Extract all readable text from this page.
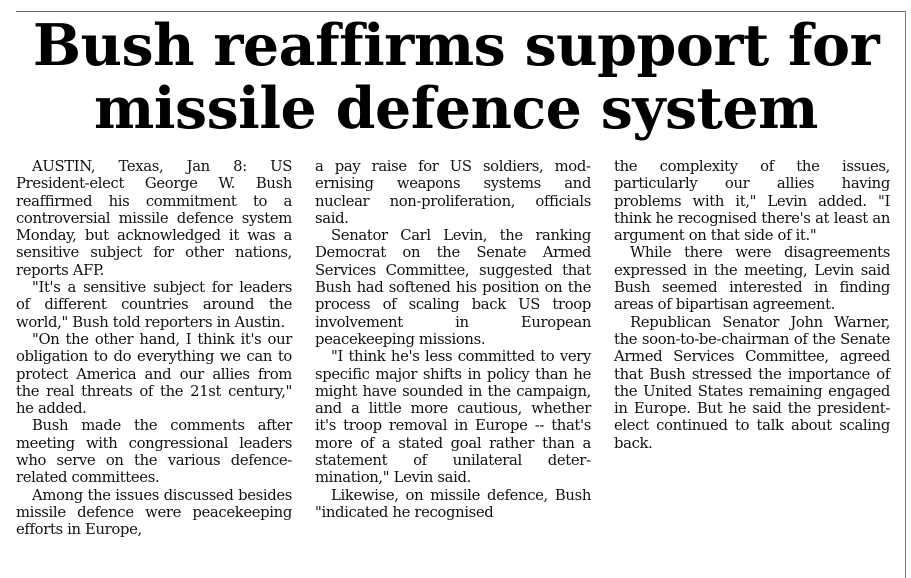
Bush reaffirms support for missile defence system

AUSTIN, Texas, Jan 8: US President-elect George W. Bush reaffirmed his commitment to a controversial missile defence system Monday, but acknowledged it was a sensitive subject for other nations, reports AFP.

"It's a sensitive subject for leaders of different countries around the world," Bush told reporters in Austin.

"On the other hand, I think it's our obligation to do everything we can to protect America and our allies from the real threats of the 21st century," he added.

Bush made the comments after meeting with congressional leaders who serve on the various defence-related committees.

Among the issues discussed besides missile defence were peacekeeping efforts in Europe,

a pay raise for US soldiers, modernising weapons systems and nuclear non-proliferation, officials said.

Senator Carl Levin, the ranking Democrat on the Senate Armed Services Committee, suggested that Bush had softened his position on the process of scaling back US troop involvement in European peacekeeping missions.

"I think he's less committed to very specific major shifts in policy than he might have sounded in the campaign, and a little more cautious, whether it's troop removal in Europe -- that's more of a stated goal rather than a statement of unilateral determination," Levin said.

Likewise, on missile defence, Bush "indicated he recognised

the complexity of the issues, particularly our allies having problems with it," Levin added. "I think he recognised there's at least an argument on that side of it."

While there were disagreements expressed in the meeting, Levin said Bush seemed interested in finding areas of bipartisan agreement.

Republican Senator John Warner, the soon-to-be-chairman of the Senate Armed Services Committee, agreed that Bush stressed the importance of the United States remaining engaged in Europe. But he said the president-elect continued to talk about scaling back.
